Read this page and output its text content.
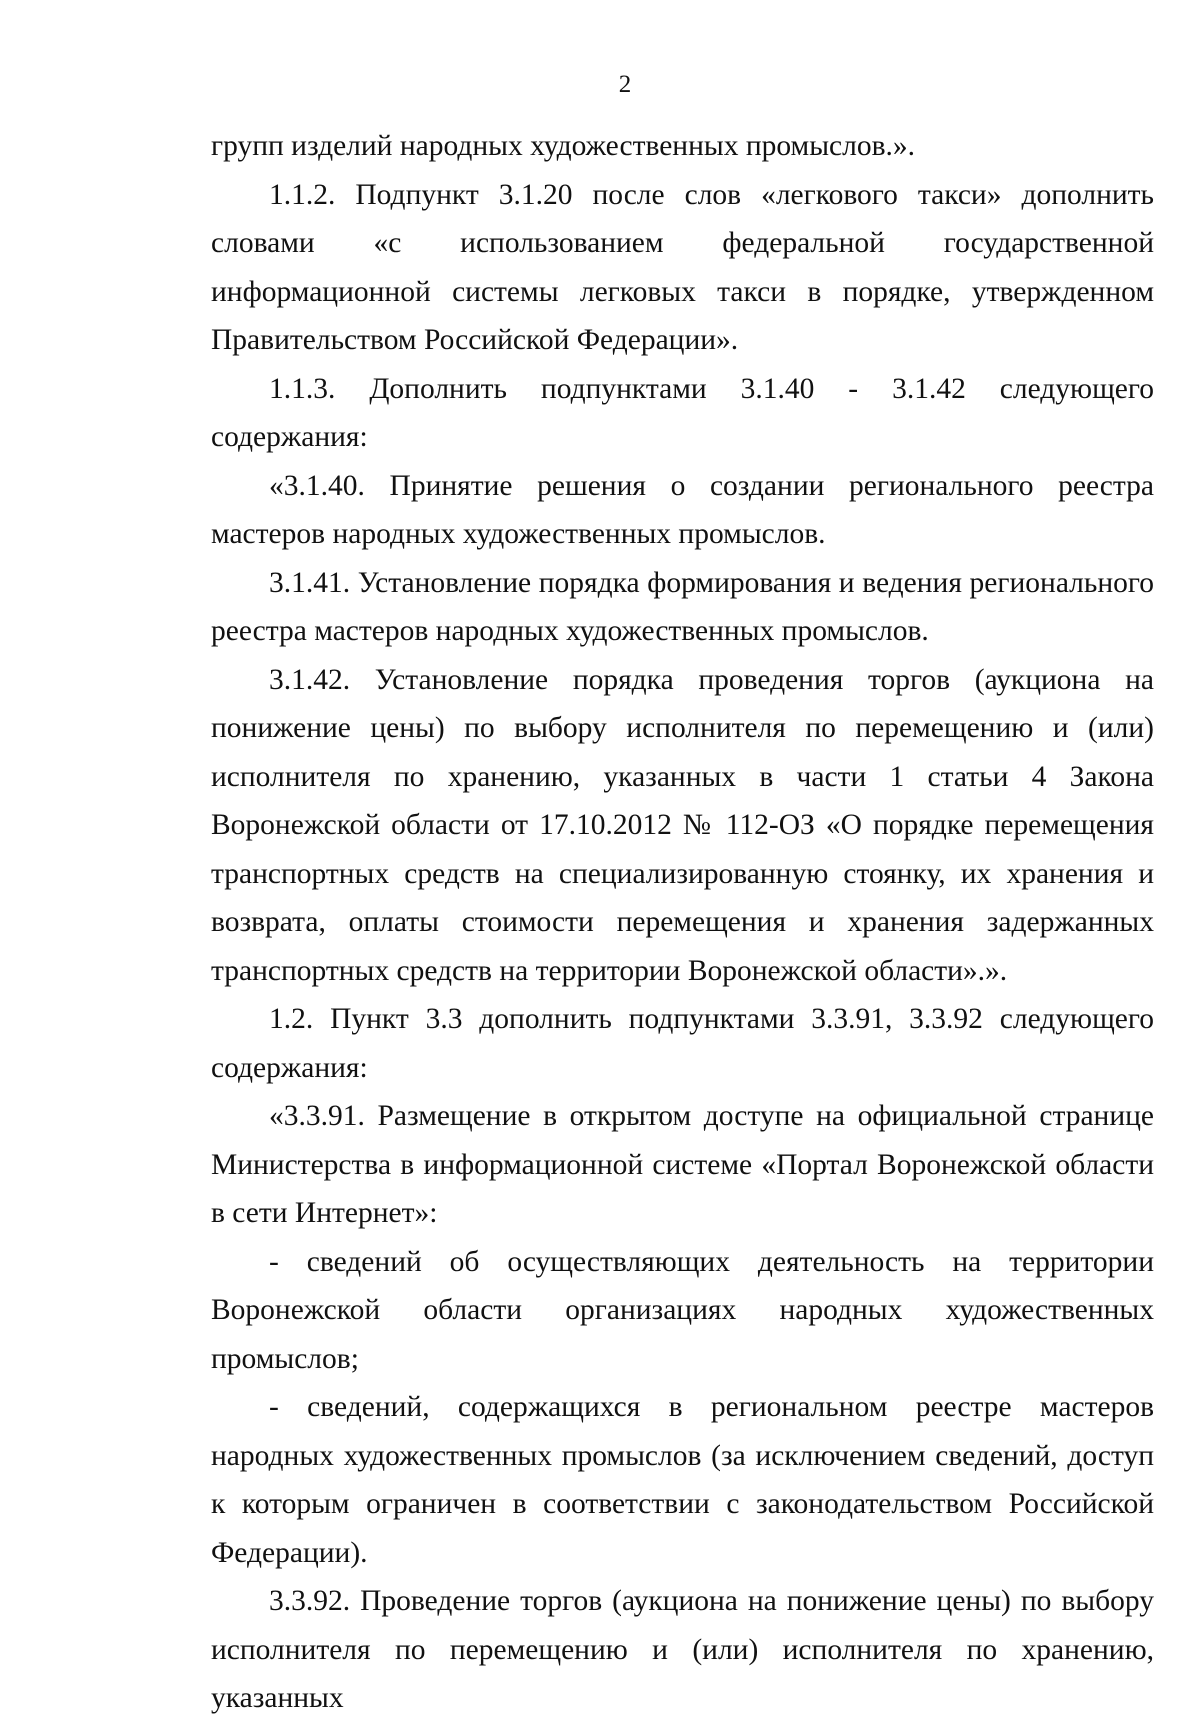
2

групп изделий народных художественных промыслов.».

1.1.2. Подпункт 3.1.20 после слов «легкового такси» дополнить словами «с использованием федеральной государственной информационной системы легковых такси в порядке, утвержденном Правительством Российской Федерации».

1.1.3. Дополнить подпунктами 3.1.40 - 3.1.42 следующего содержания:

«3.1.40. Принятие решения о создании регионального реестра мастеров народных художественных промыслов.

3.1.41. Установление порядка формирования и ведения регионального реестра мастеров народных художественных промыслов.

3.1.42. Установление порядка проведения торгов (аукциона на понижение цены) по выбору исполнителя по перемещению и (или) исполнителя по хранению, указанных в части 1 статьи 4 Закона Воронежской области от 17.10.2012 № 112-ОЗ «О порядке перемещения транспортных средств на специализированную стоянку, их хранения и возврата, оплаты стоимости перемещения и хранения задержанных транспортных средств на территории Воронежской области».».

1.2. Пункт 3.3 дополнить подпунктами 3.3.91, 3.3.92 следующего содержания:

«3.3.91. Размещение в открытом доступе на официальной странице Министерства в информационной системе «Портал Воронежской области в сети Интернет»:

- сведений об осуществляющих деятельность на территории Воронежской области организациях народных художественных промыслов;

- сведений, содержащихся в региональном реестре мастеров народных художественных промыслов (за исключением сведений, доступ к которым ограничен в соответствии с законодательством Российской Федерации).

3.3.92. Проведение торгов (аукциона на понижение цены) по выбору исполнителя по перемещению и (или) исполнителя по хранению, указанных
